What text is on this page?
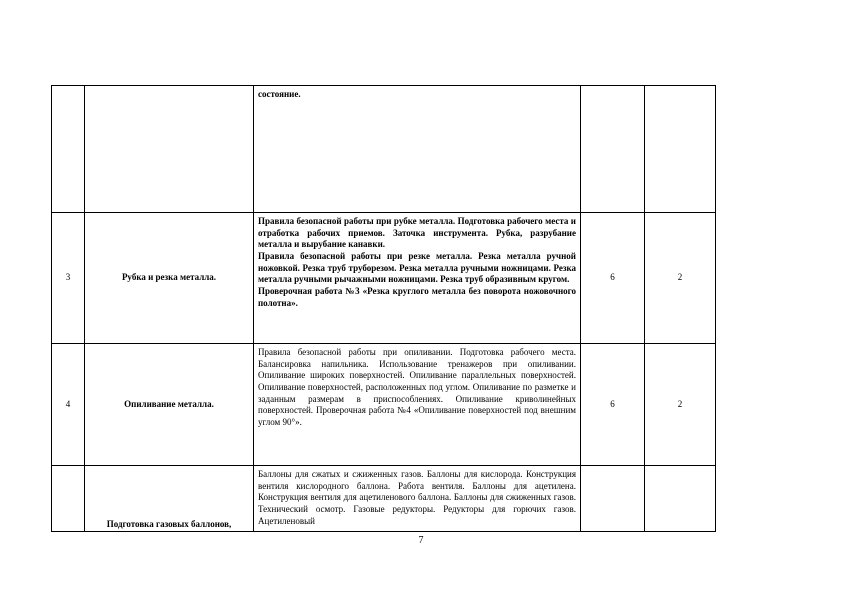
		состояние.		

3	Рубка и резка металла.	Правила безопасной работы при рубке металла. Подготовка рабочего места и отработка рабочих приемов. Заточка инструмента. Рубка, разрубание металла и вырубание канавки.
Правила безопасной работы при резке металла. Резка металла ручной ножовкой. Резка труб труборезом. Резка металла ручными ножницами. Резка металла ручными рычажными ножницами. Резка труб образивным кругом.
Проверочная работа №3 «Резка круглого металла без поворота ножовочного полотна».	6	2
4	Опиливание металла.	Правила безопасной работы при опиливании. Подготовка рабочего места. Балансировка напильника. Использование тренажеров при опиливании. Опиливание широких поверхностей. Опиливание параллельных поверхностей. Опиливание поверхностей, расположенных под углом. Опиливание по разметке и заданным размерам в приспособлениях. Опиливание криволинейных поверхностей. Проверочная работа №4 «Опиливание поверхностей под внешним углом 90°».	6	2
	Подготовка газовых баллонов,	Баллоны для сжатых и сжиженных газов. Баллоны для кислорода. Конструкция вентиля кислородного баллона. Работа вентиля. Баллоны для ацетилена. Конструкция вентиля для ацетиленового баллона. Баллоны для сжиженных газов. Технический осмотр. Газовые редукторы. Редукторы для горючих газов. Ацетиленовый		

7
